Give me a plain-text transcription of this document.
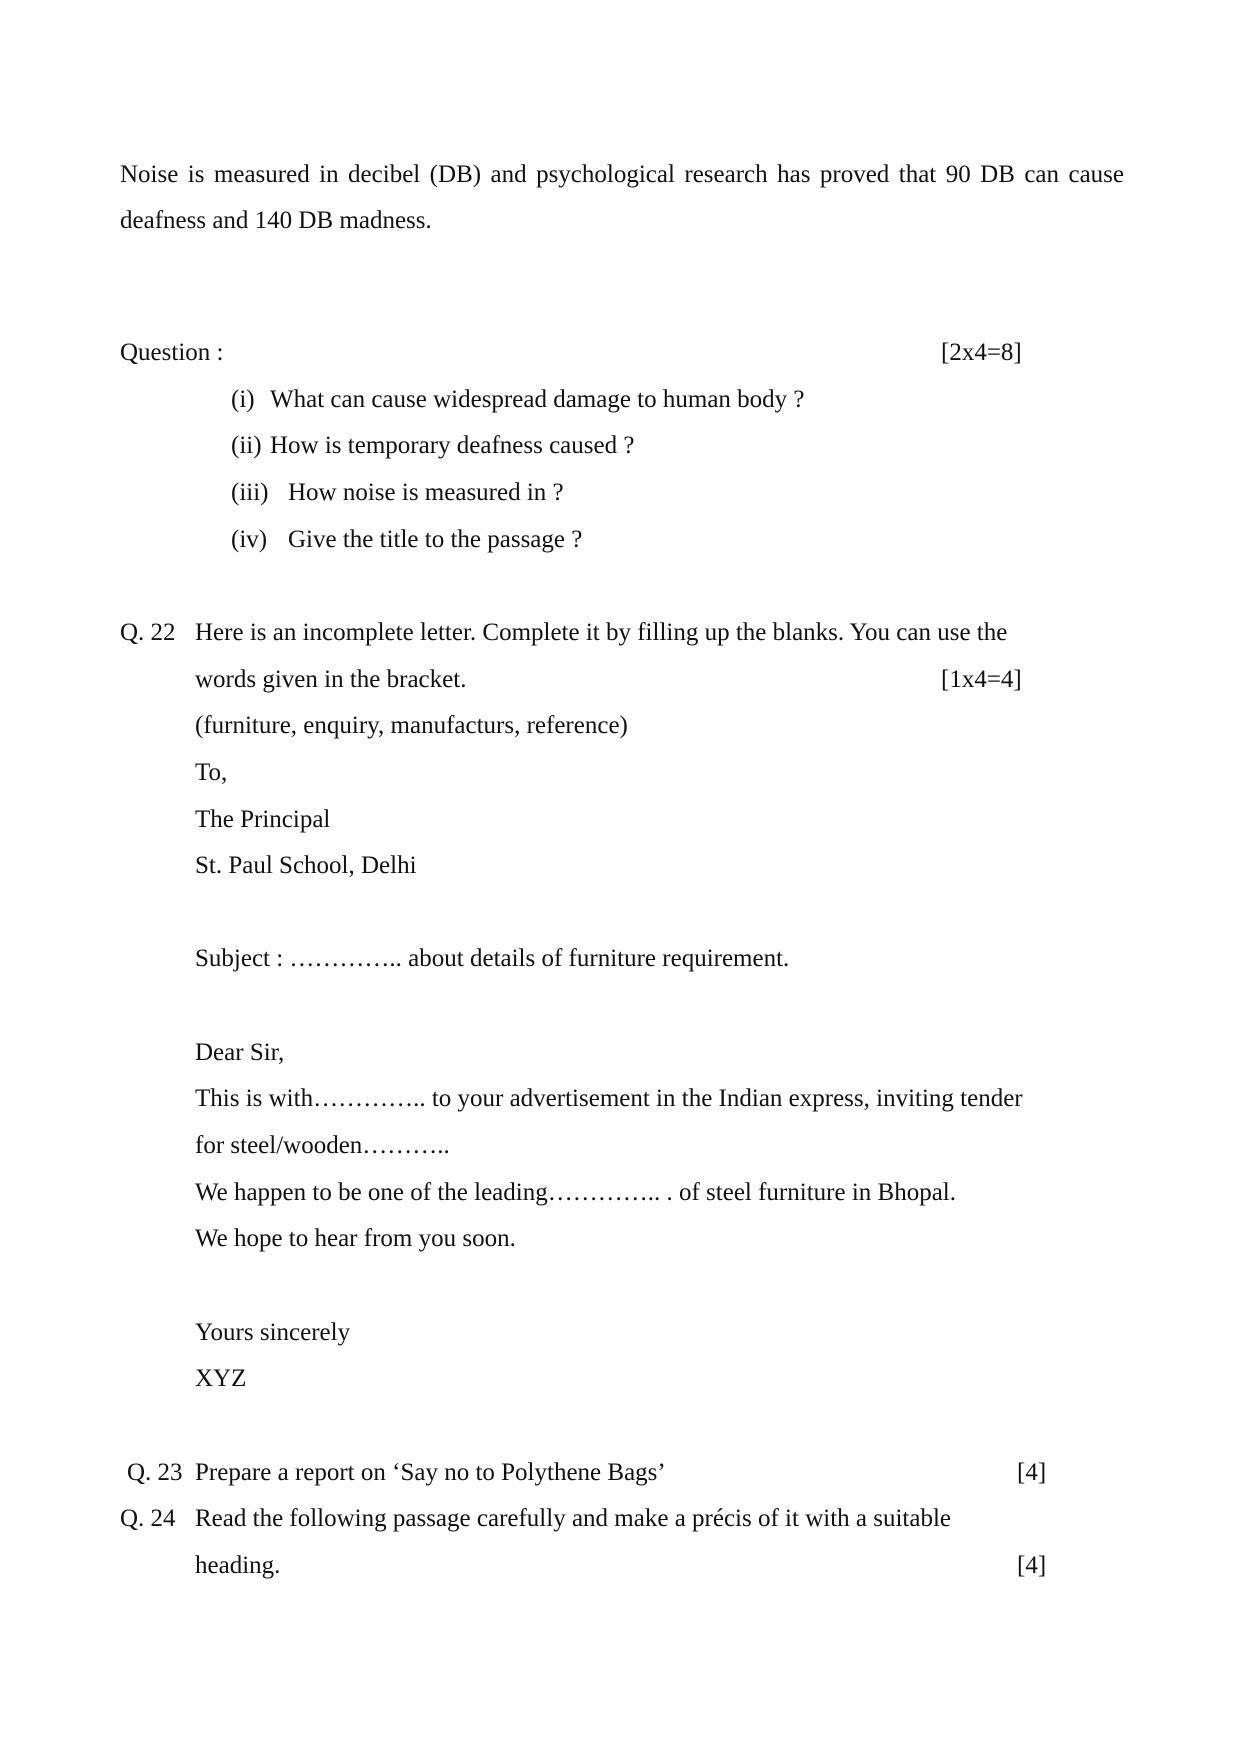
Noise is measured in decibel (DB) and psychological research has proved that 90 DB can cause deafness and 140 DB madness.
Question :	[2x4=8]
(i) What can cause widespread damage to human body ?
(ii) How is temporary deafness caused ?
(iii) How noise is measured in ?
(iv) Give the title to the passage ?
Q. 22 Here is an incomplete letter. Complete it by filling up the blanks. You can use the
words given in the bracket.	[1x4=4]
(furniture, enquiry, manufacturs, reference)
To,
The Principal
St. Paul School, Delhi
Subject : ………….. about details of furniture requirement.
Dear Sir,
This is with………….. to your advertisement in the Indian express, inviting tender
for steel/wooden………..
We happen to be one of the leading………….. . of steel furniture in Bhopal.
We hope to hear from you soon.
Yours sincerely
XYZ
Q. 23 Prepare a report on ‘Say no to Polythene Bags’	[4]
Q. 24 Read the following passage carefully and make a précis of it with a suitable
heading.	[4]
